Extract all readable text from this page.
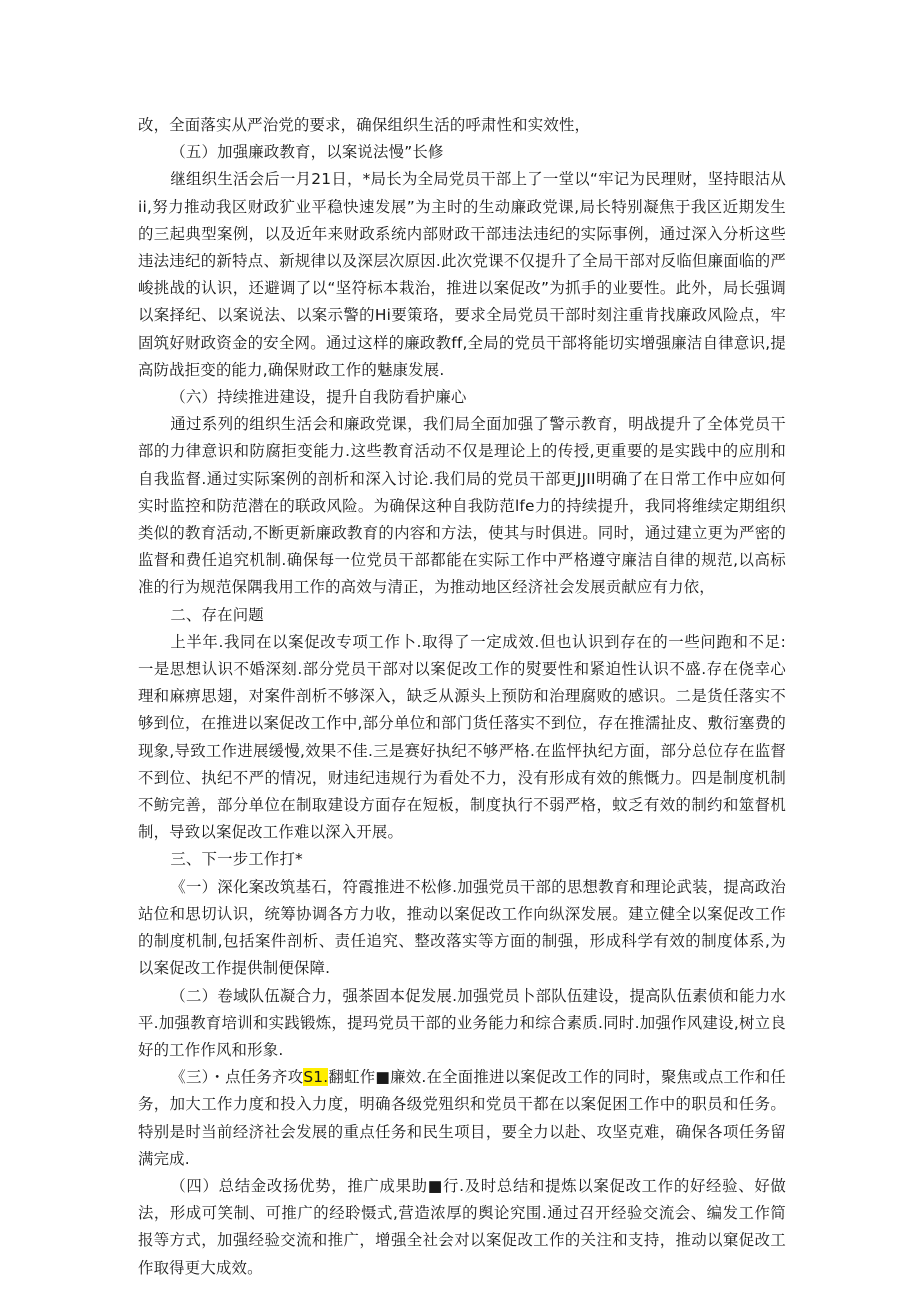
改，全面落实从严治党的要求，确保组织生活的呼肃性和实效性，

（五）加强廉政教育，以案说法慢”长修

继组织生活会后一月21日，*局长为全局党员干部上了一堂以“牢记为民理财，坚持眼沽从ii,努力推动我区财政犷业平稳快速发展”为主时的生动廉政党课,局长特别凝焦于我区近期发生的三起典型案例，以及近年来财政系统内部财政干部违法违纪的实际事例，通过深入分析这些违法违纪的新特点、新规律以及深层次原因.此次党课不仅提升了全局干部对反临但廉面临的严峻挑战的认识，还避调了以“坚符标本栽治，推进以案促改”为抓手的业要性。此外，局长强调以案择纪、以案说法、以案示警的Hi要策珞，要求全局党员干部时刻注重肯找廉政风险点，牢固筑好财政资金的安全网。通过这样的廉政教ff,全局的党员干部将能切实增强廉洁自律意识,提高防战拒变的能力,确保财政工作的魅康发展.

（六）持续推进建设，提升自我防看护廉心

通过系列的组织生活会和廉政党课，我们局全面加强了警示教育，明战提升了全体党员干部的力律意识和防腐拒变能力.这些教育活动不仅是理论上的传授,更重要的是实践中的应刖和自我监督.通过实际案例的剖析和深入讨论.我们局的党员干部更JJII明确了在日常工作中应如何实时监控和防范潜在的联政风险。为确保这种自我防范lfe力的持续提升，我同将维续定期组织类似的教育活动,不断更新廉政教育的内容和方法，使其与时俱进。同时，通过建立更为严密的监督和费任追究机制.确保每一位党员干部都能在实际工作中严格遵守廉洁自律的规范,以高标准的行为规范保隅我用工作的高效与清正，为推动地区经济社会发展贡献应有力依，

二、存在问题

上半年.我同在以案促改专项工作卜.取得了一定成效.但也认识到存在的一些问跑和不足: 一是思想认识不婚深刻.部分党员干部对以案促改工作的熨要性和紧迫性认识不盛.存在侥幸心理和麻痹思翅，对案件剖析不够深入，缺乏从源头上预防和治理腐败的感识。二是货任落实不够到位，在推进以案促改工作中,部分单位和部门货任落实不到位，存在推濡扯皮、敷衍塞费的现象,导致工作进展缓慢,效果不佳.三是赛好执纪不够严格.在监怦执纪方面，部分总位存在监督不到位、执纪不严的情况，财违纪违规行为看处不力，没有形成有效的熊慨力。四是制度机制不鲂完善，部分单位在制取建设方面存在短板，制度执行不弱严格，蚊乏有效的制约和筮督机制，导致以案促改工作难以深入开展。

三、下一步工作打*

《一）深化案改筑基石，符霞推进不松修.加强党员干部的思想教育和理论武装，提高政治站位和思切认识，统筹协调各方力收，推动以案促改工作向纵深发展。建立健全以案促改工作的制度机制,包括案件剖析、责任追究、整改落实等方面的制强，形成科学有效的制度体系,为以案促改工作提供制便保障.

（二）卷域队伍凝合力，强茶固本促发展.加强党员卜部队伍建设，提高队伍素侦和能力水平.加强教育培训和实践锻炼，提玛党员干部的业务能力和综合素质.同时.加强作风建设,树立良好的工作作风和形象.

《三）・点任务齐攻S1.翻虹作■廉效.在全面推进以案促改工作的同时，聚焦或点工作和任务，加大工作力度和投入力度，明确各级党殂织和党员干都在以案促困工作中的职员和任务。特别是时当前经济社会发展的重点任务和民生项目，要全力以赴、攻坚克难，确保各项任务留满完成.

（四）总结金改扬优势，推广成果助■行.及时总结和提炼以案促改工作的好经验、好做法，形成可笑制、可推广的经聆慑式,营造浓厚的舆论究围.通过召开经验交流会、编发工作简报等方式，加强经验交流和推广，增强全社会对以案促改工作的关注和支持，推动以窠促改工作取得更大成效。
